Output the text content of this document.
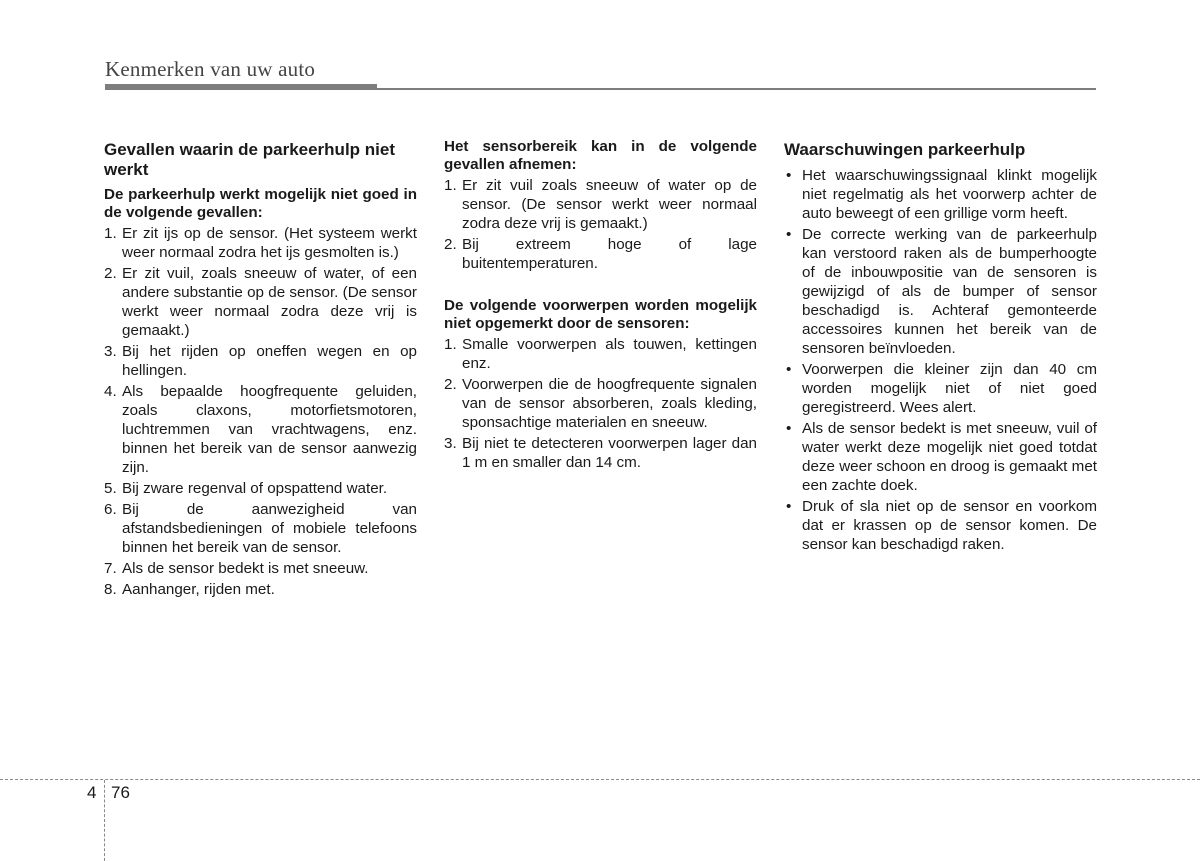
Kenmerken van uw auto
Gevallen waarin de parkeerhulp niet werkt
De parkeerhulp werkt mogelijk niet goed in de volgende gevallen:
1. Er zit ijs op de sensor. (Het systeem werkt weer normaal zodra het ijs gesmolten is.)
2. Er zit vuil, zoals sneeuw of water, of een andere substantie op de sensor. (De sensor werkt weer normaal zodra deze vrij is gemaakt.)
3. Bij het rijden op oneffen wegen en op hellingen.
4. Als bepaalde hoogfrequente geluiden, zoals claxons, motorfietsmotoren, luchtremmen van vrachtwagens, enz. binnen het bereik van de sensor aanwezig zijn.
5. Bij zware regenval of opspattend water.
6. Bij de aanwezigheid van afstandsbedieningen of mobiele telefoons binnen het bereik van de sensor.
7. Als de sensor bedekt is met sneeuw.
8. Aanhanger, rijden met.
Het sensorbereik kan in de volgende gevallen afnemen:
1. Er zit vuil zoals sneeuw of water op de sensor. (De sensor werkt weer normaal zodra deze vrij is gemaakt.)
2. Bij extreem hoge of lage buitentemperaturen.
De volgende voorwerpen worden mogelijk niet opgemerkt door de sensoren:
1. Smalle voorwerpen als touwen, kettingen enz.
2. Voorwerpen die de hoogfrequente signalen van de sensor absorberen, zoals kleding, sponsachtige materialen en sneeuw.
3. Bij niet te detecteren voorwerpen lager dan 1 m en smaller dan 14 cm.
Waarschuwingen parkeerhulp
• Het waarschuwingssignaal klinkt mogelijk niet regelmatig als het voorwerp achter de auto beweegt of een grillige vorm heeft.
• De correcte werking van de parkeerhulp kan verstoord raken als de bumperhoogte of de inbouwpositie van de sensoren is gewijzigd of als de bumper of sensor beschadigd is. Achteraf gemonteerde accessoires kunnen het bereik van de sensoren beïnvloeden.
• Voorwerpen die kleiner zijn dan 40 cm worden mogelijk niet of niet goed geregistreerd. Wees alert.
• Als de sensor bedekt is met sneeuw, vuil of water werkt deze mogelijk niet goed totdat deze weer schoon en droog is gemaakt met een zachte doek.
• Druk of sla niet op de sensor en voorkom dat er krassen op de sensor komen. De sensor kan beschadigd raken.
4 76
